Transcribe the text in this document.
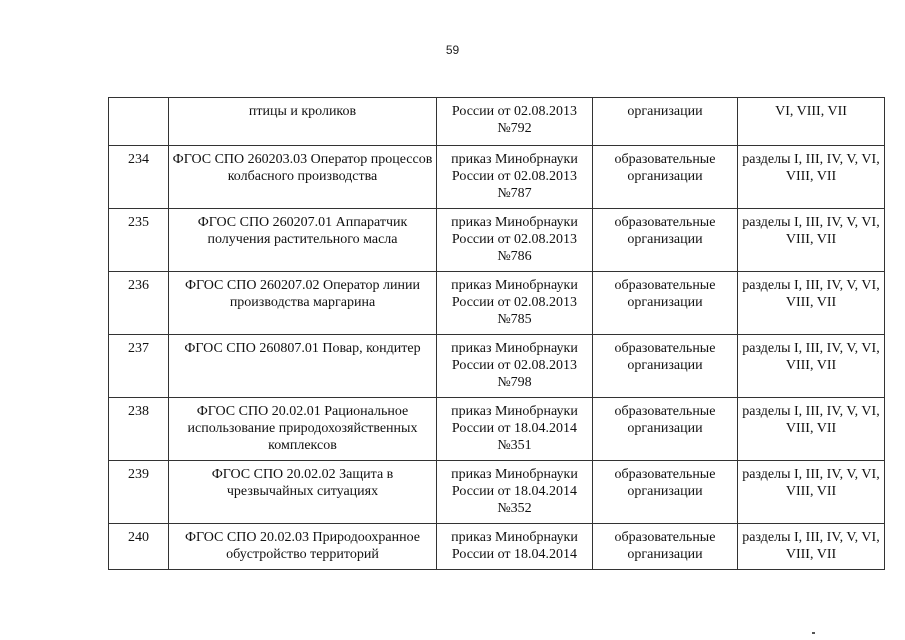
59
	птицы и кроликов	России от 02.08.2013 №792	организации	VI, VIII, VII
234	ФГОС СПО 260203.03 Оператор процессов колбасного производства	приказ Минобрнауки России от 02.08.2013 №787	образовательные организации	разделы I, III, IV, V, VI, VIII, VII
235	ФГОС СПО 260207.01 Аппаратчик получения растительного масла	приказ Минобрнауки России от 02.08.2013 №786	образовательные организации	разделы I, III, IV, V, VI, VIII, VII
236	ФГОС СПО 260207.02 Оператор линии производства маргарина	приказ Минобрнауки России от 02.08.2013 №785	образовательные организации	разделы I, III, IV, V, VI, VIII, VII
237	ФГОС СПО 260807.01 Повар, кондитер	приказ Минобрнауки России от 02.08.2013 №798	образовательные организации	разделы I, III, IV, V, VI, VIII, VII
238	ФГОС СПО 20.02.01 Рациональное использование природохозяйственных комплексов	приказ Минобрнауки России от 18.04.2014 №351	образовательные организации	разделы I, III, IV, V, VI, VIII, VII
239	ФГОС СПО 20.02.02 Защита в чрезвычайных ситуациях	приказ Минобрнауки России от 18.04.2014 №352	образовательные организации	разделы I, III, IV, V, VI, VIII, VII
240	ФГОС СПО 20.02.03 Природоохранное обустройство территорий	приказ Минобрнауки России от 18.04.2014	образовательные организации	разделы I, III, IV, V, VI, VIII, VII
